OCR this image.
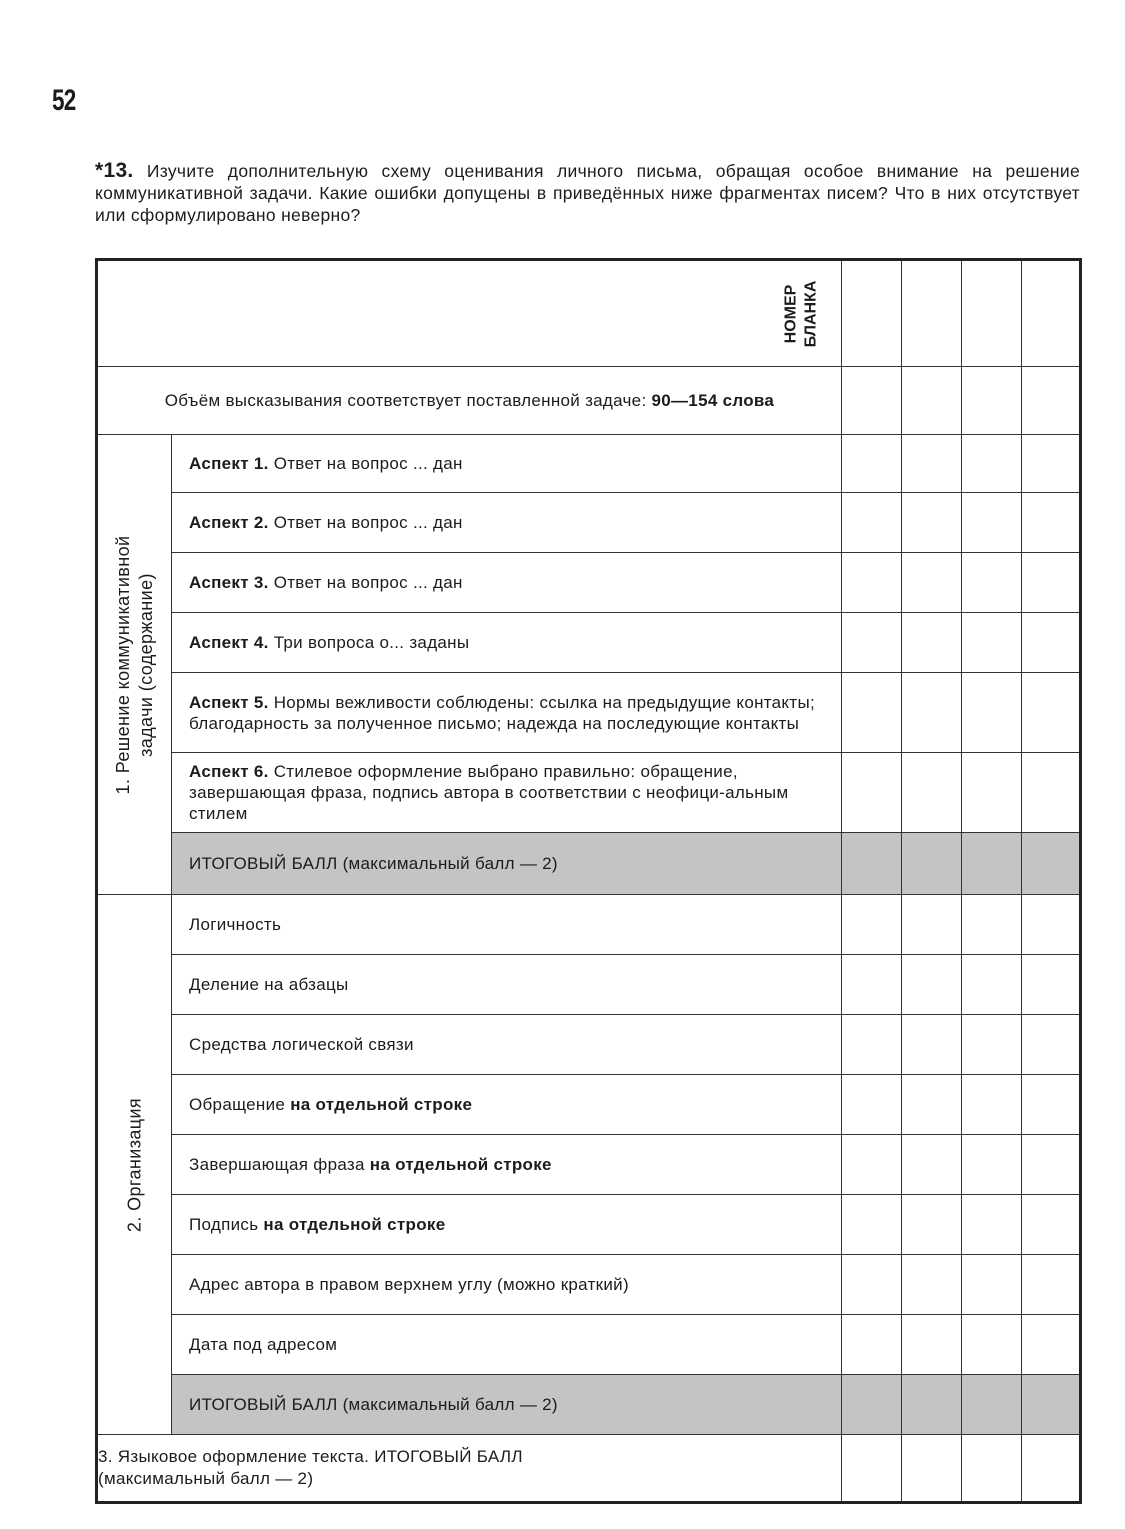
52
*13. Изучите дополнительную схему оценивания личного письма, обращая особое внимание на решение коммуникативной задачи. Какие ошибки допущены в приведённых ниже фрагментах писем? Что в них отсутствует или сформулировано неверно?
НОМЕР БЛАНКА					

Объём высказывания соответствует поставленной задаче: 90—154 слова					

1. Решение коммуникативной задачи (содержание)	Аспект 1. Ответ на вопрос ... дан				
	Аспект 2. Ответ на вопрос ... дан				
	Аспект 3. Ответ на вопрос ... дан				
	Аспект 4. Три вопроса о... заданы				
	Аспект 5. Нормы вежливости соблюдены: ссылка на предыдущие контакты; благодарность за полученное письмо; надежда на последующие контакты				
	Аспект 6. Стилевое оформление выбрано правильно: обращение, завершающая фраза, подпись автора в соответствии с неофици-альным стилем				
	ИТОГОВЫЙ БАЛЛ (максимальный балл — 2)				

2. Организация	Логичность				
	Деление на абзацы				
	Средства логической связи				
	Обращение на отдельной строке				
	Завершающая фраза на отдельной строке				
	Подпись на отдельной строке				
	Адрес автора в правом верхнем углу (можно краткий)				
	Дата под адресом				
	ИТОГОВЫЙ БАЛЛ (максимальный балл — 2)				
3. Языковое оформление текста. ИТОГОВЫЙ БАЛЛ
(максимальный балл — 2)					
